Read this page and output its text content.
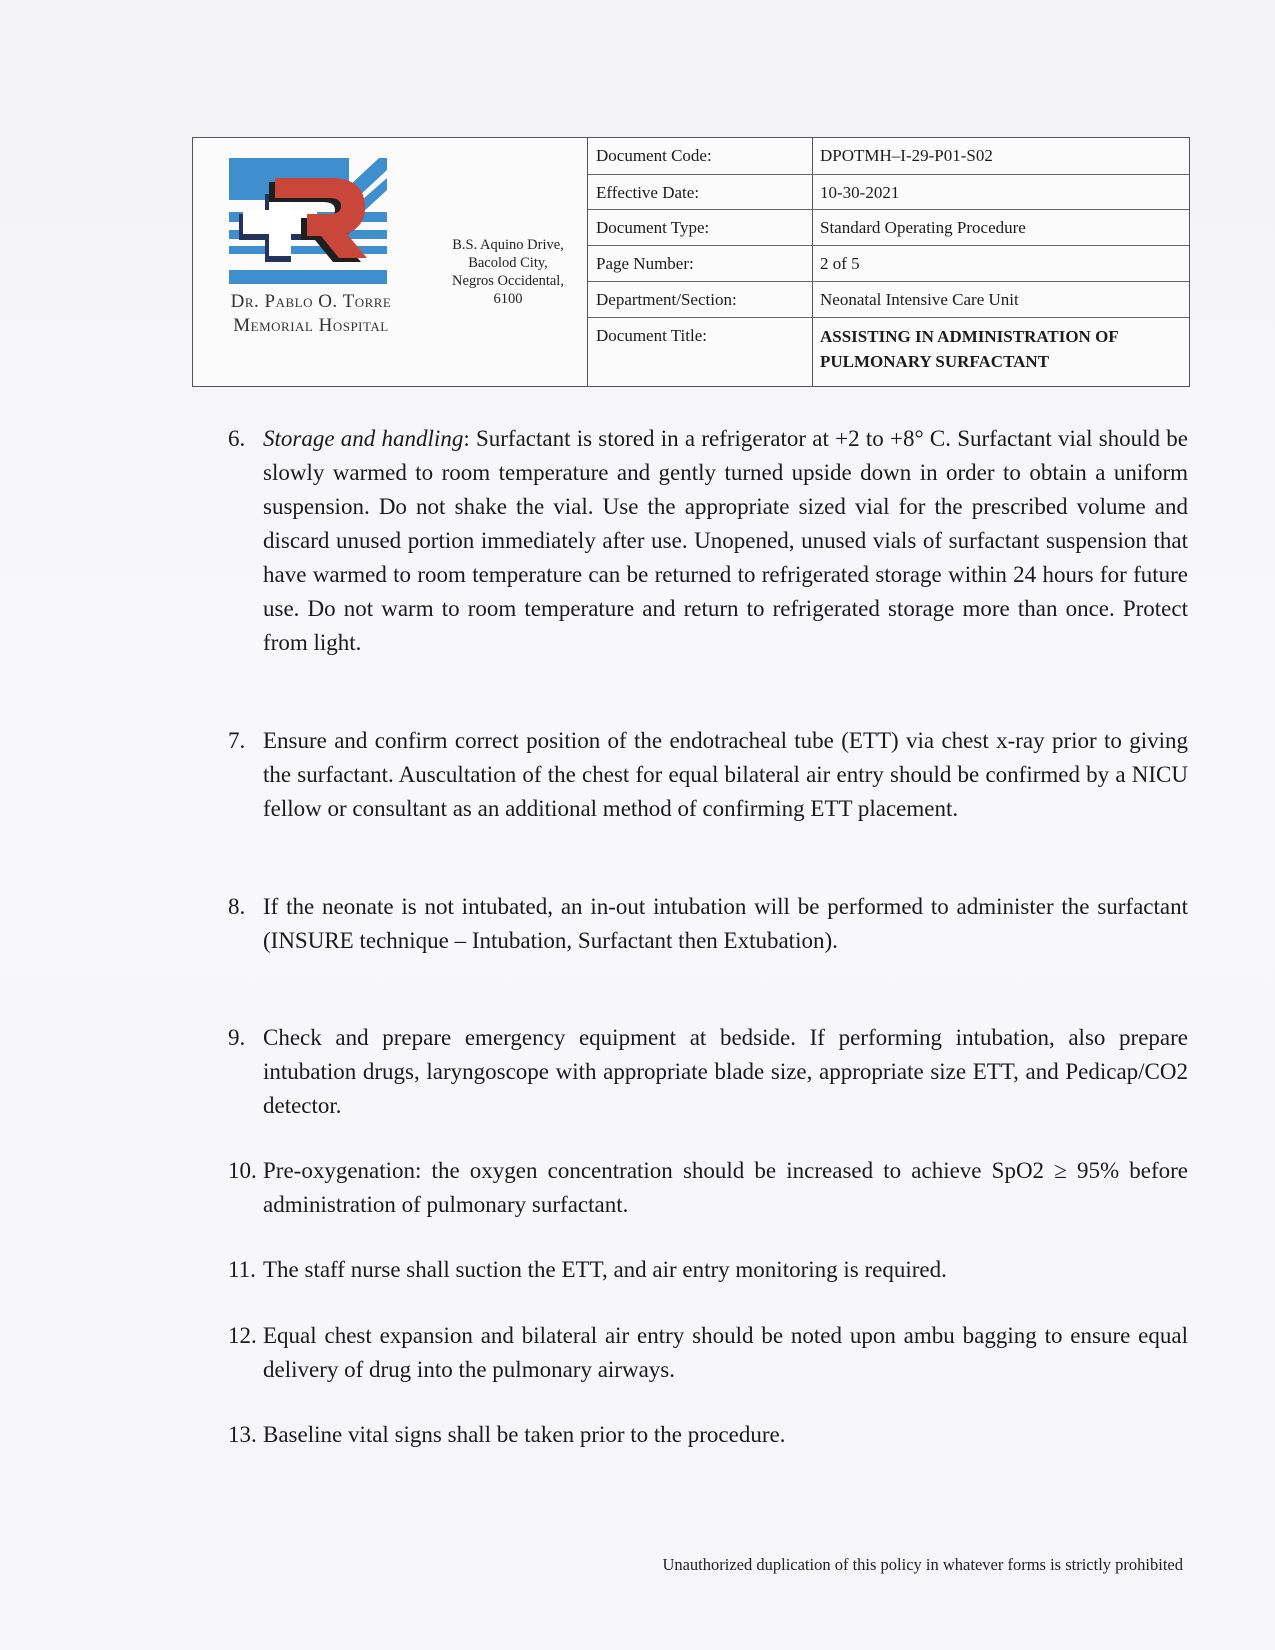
Dr. Pablo O. Torre
Memorial Hospital
B.S. Aquino Drive,
Bacolod City,
Negros Occidental,
6100
Document Code:	DPOTMH–I-29-P01-S02
Effective Date:	10-30-2021
Document Type:	Standard Operating Procedure
Page Number:	2 of 5
Department/Section:	Neonatal Intensive Care Unit
Document Title:	ASSISTING IN ADMINISTRATION OF PULMONARY SURFACTANT
6. Storage and handling: Surfactant is stored in a refrigerator at +2 to +8° C. Surfactant vial should be slowly warmed to room temperature and gently turned upside down in order to obtain a uniform suspension. Do not shake the vial. Use the appropriate sized vial for the prescribed volume and discard unused portion immediately after use. Unopened, unused vials of surfactant suspension that have warmed to room temperature can be returned to refrigerated storage within 24 hours for future use. Do not warm to room temperature and return to refrigerated storage more than once. Protect from light.
7. Ensure and confirm correct position of the endotracheal tube (ETT) via chest x-ray prior to giving the surfactant. Auscultation of the chest for equal bilateral air entry should be confirmed by a NICU fellow or consultant as an additional method of confirming ETT placement.
8. If the neonate is not intubated, an in-out intubation will be performed to administer the surfactant (INSURE technique – Intubation, Surfactant then Extubation).
9. Check and prepare emergency equipment at bedside. If performing intubation, also prepare intubation drugs, laryngoscope with appropriate blade size, appropriate size ETT, and Pedicap/CO2 detector.
10. Pre-oxygenation: the oxygen concentration should be increased to achieve SpO2 ≥ 95% before administration of pulmonary surfactant.
11. The staff nurse shall suction the ETT, and air entry monitoring is required.
12. Equal chest expansion and bilateral air entry should be noted upon ambu bagging to ensure equal delivery of drug into the pulmonary airways.
13. Baseline vital signs shall be taken prior to the procedure.
Unauthorized duplication of this policy in whatever forms is strictly prohibited
